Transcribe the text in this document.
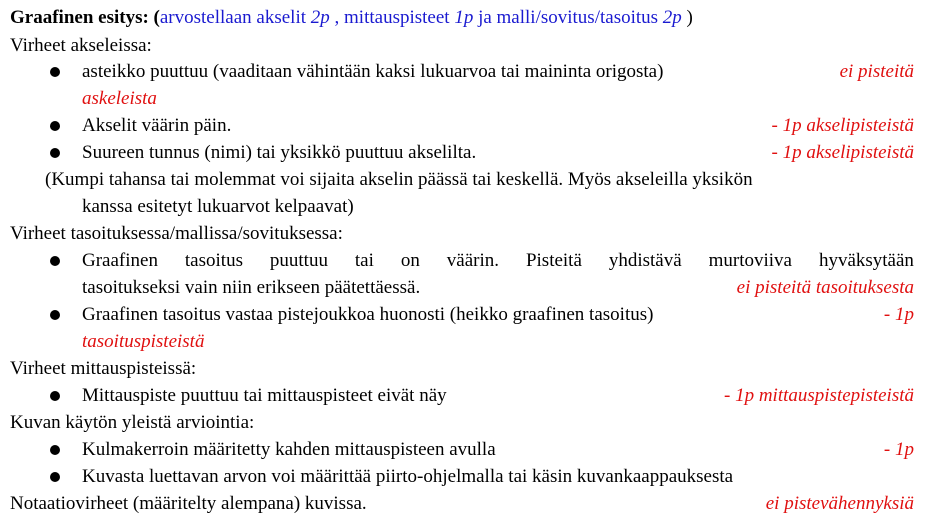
Graafinen esitys: (arvostellaan akselit 2p , mittauspisteet 1p ja malli/sovitus/tasoitus 2p )
Virheet akseleissa:
asteikko puuttuu (vaaditaan vähintään kaksi lukuarvoa tai maininta origosta)	ei pisteitä
askeleista
Akselit väärin päin.	- 1p akselipisteistä
Suureen tunnus (nimi) tai yksikkö puuttuu akselilta.	- 1p akselipisteistä
(Kumpi tahansa tai molemmat voi sijaita akselin päässä tai keskellä. Myös akseleilla yksikön
kanssa esitetyt lukuarvot kelpaavat)
Virheet tasoituksessa/mallissa/sovituksessa:
Graafinen tasoitus puuttuu tai on väärin. Pisteitä yhdistävä murtoviiva hyväksytään
tasoitukseksi vain niin erikseen päätettäessä.	ei pisteitä tasoituksesta
Graafinen tasoitus vastaa pistejoukkoa huonosti (heikko graafinen tasoitus)	- 1p
tasoituspisteistä
Virheet mittauspisteissä:
Mittauspiste puuttuu tai mittauspisteet eivät näy	- 1p mittauspistepisteistä
Kuvan käytön yleistä arviointia:
Kulmakerroin määritetty kahden mittauspisteen avulla	- 1p
Kuvasta luettavan arvon voi määrittää piirto-ohjelmalla tai käsin kuvankaappauksesta
Notaatiovirheet (määritelty alempana) kuvissa.	ei pistevähennyksiä
